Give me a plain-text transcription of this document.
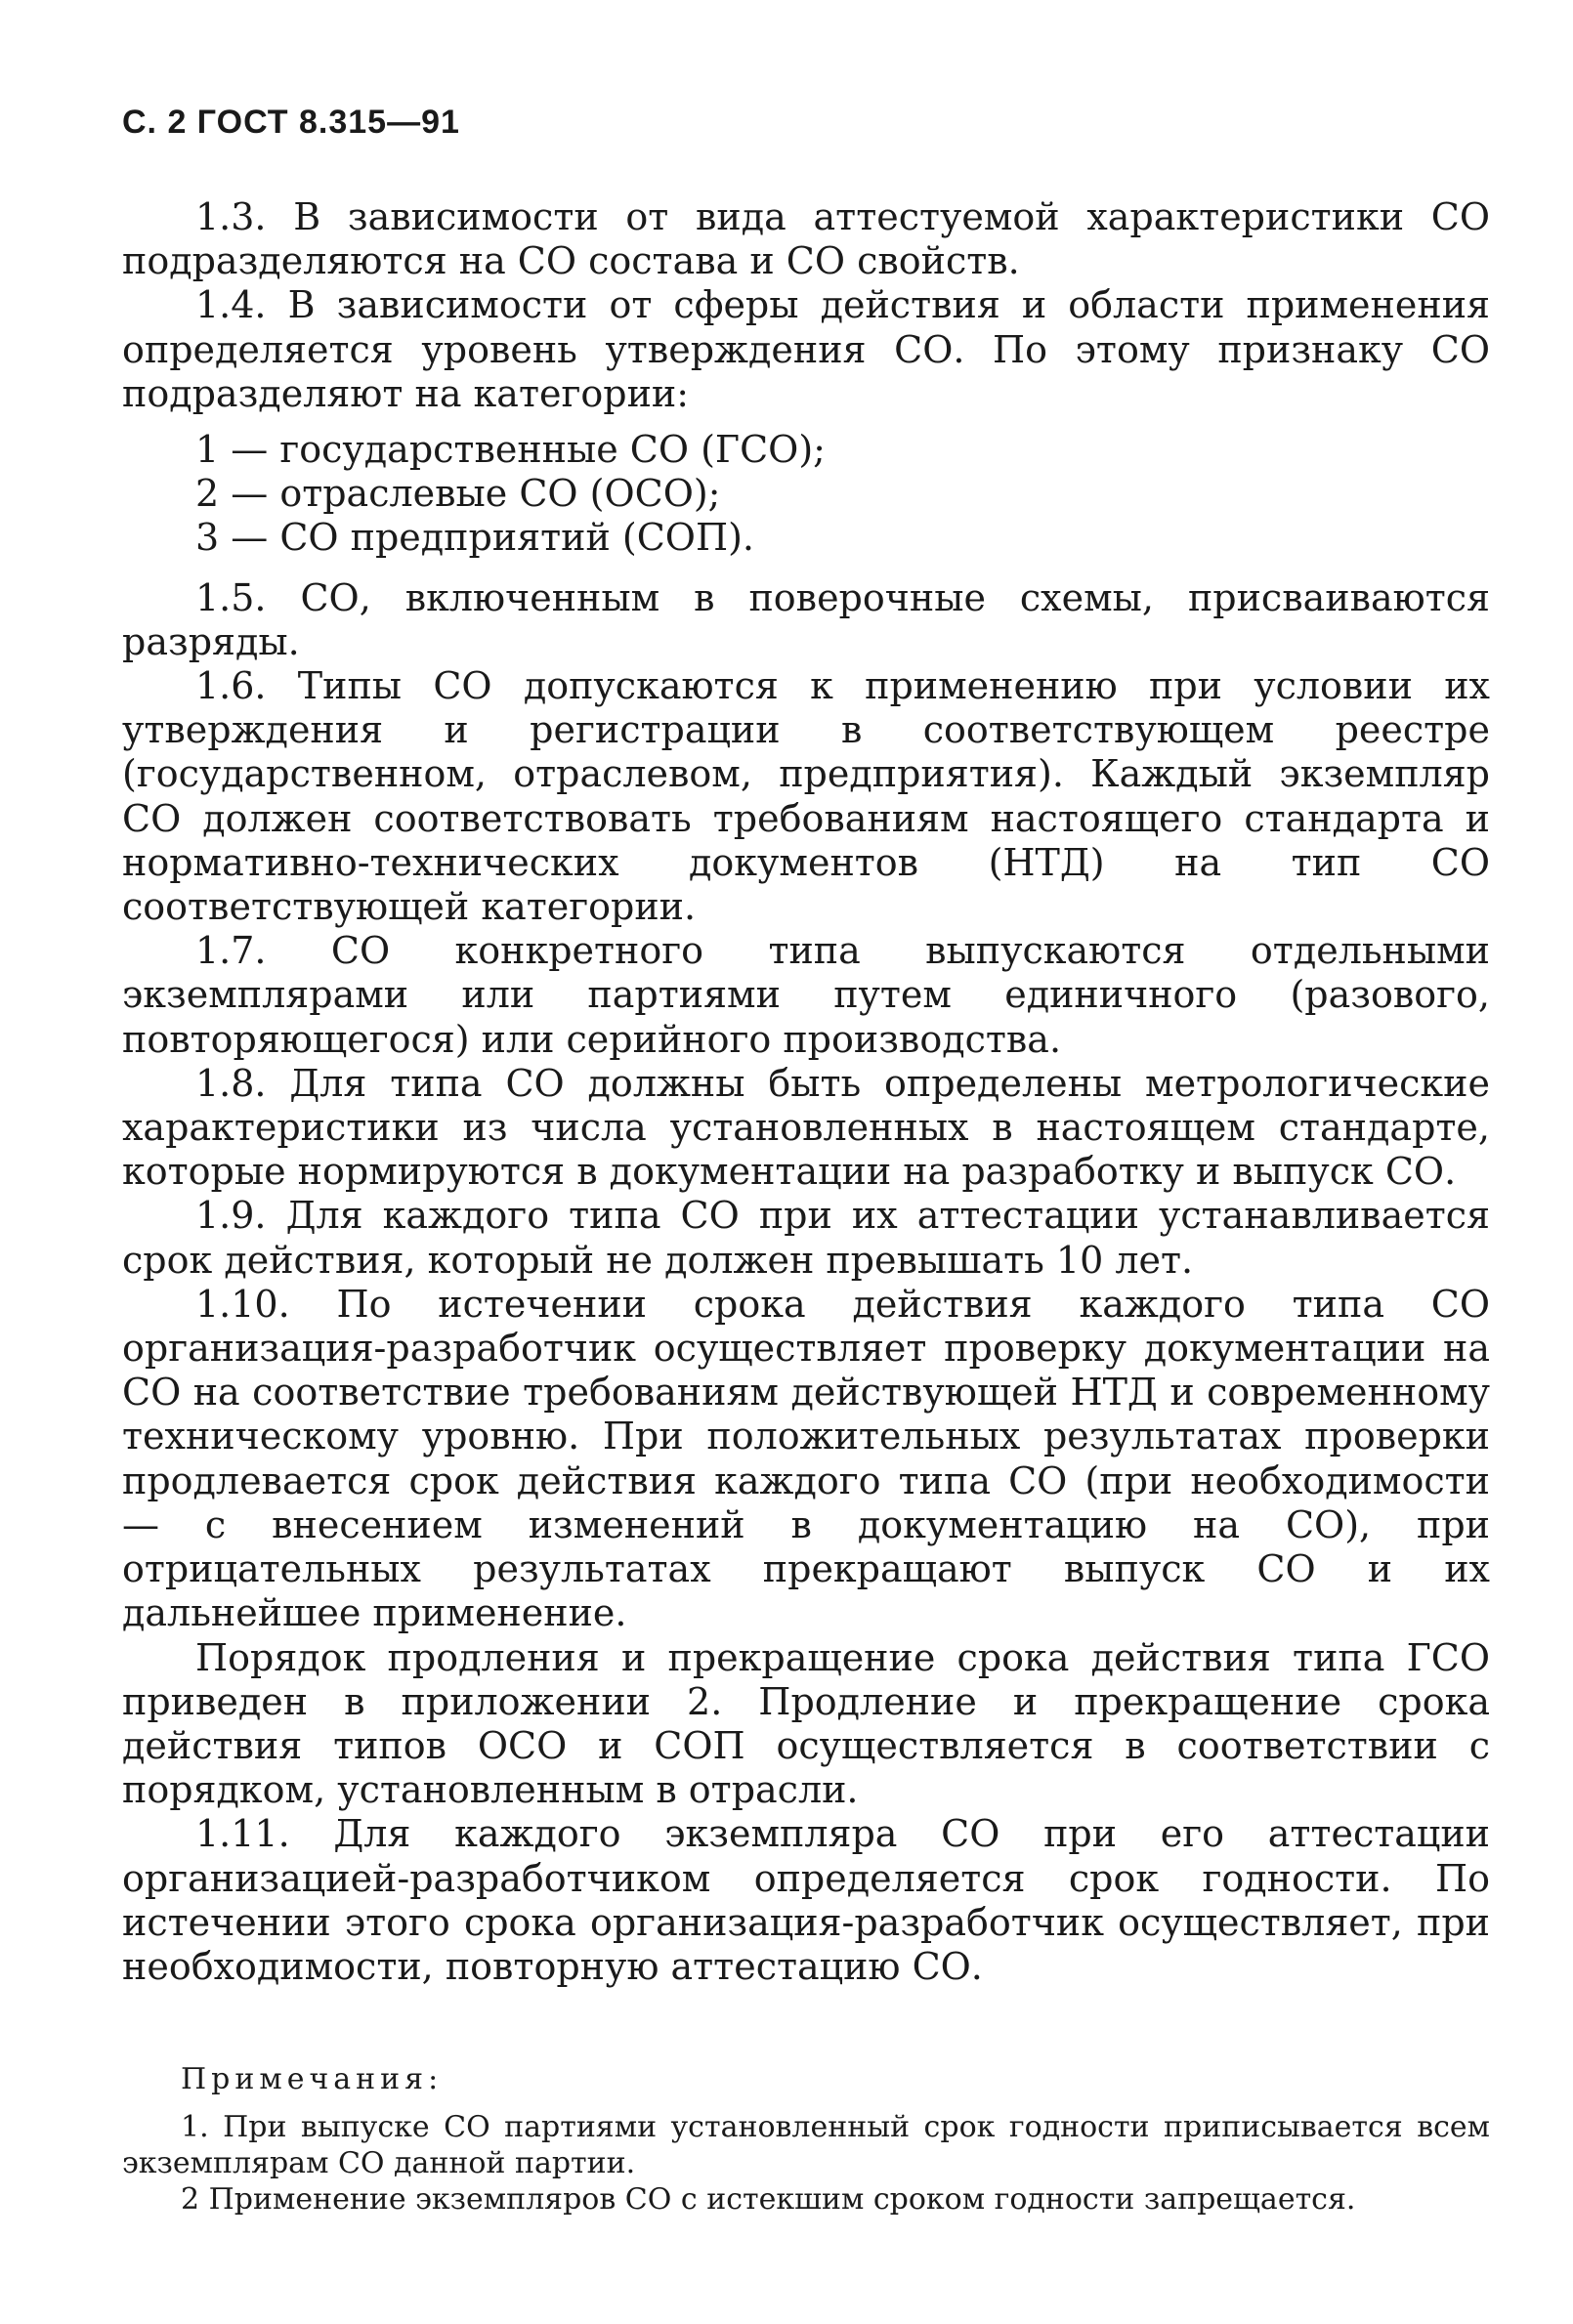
С. 2 ГОСТ 8.315—91

1.3. В зависимости от вида аттестуемой характеристики СО подразделяются на СО состава и СО свойств.

1.4. В зависимости от сферы действия и области применения определяется уровень утверждения СО. По этому признаку СО подразделяют на категории:

1 — государственные СО (ГСО);
2 — отраслевые СО (ОСО);
3 — СО предприятий (СОП).

1.5. СО, включенным в поверочные схемы, присваиваются разряды.

1.6. Типы СО допускаются к применению при условии их утверждения и регистрации в соответствующем реестре (государственном, отраслевом, предприятия). Каждый экземпляр СО должен соответствовать требованиям настоящего стандарта и нормативно-технических документов (НТД) на тип СО соответствующей категории.

1.7. СО конкретного типа выпускаются отдельными экземплярами или партиями путем единичного (разового, повторяющегося) или серийного производства.

1.8. Для типа СО должны быть определены метрологические характеристики из числа установленных в настоящем стандарте, которые нормируются в документации на разработку и выпуск СО.

1.9. Для каждого типа СО при их аттестации устанавливается срок действия, который не должен превышать 10 лет.

1.10. По истечении срока действия каждого типа СО организация-разработчик осуществляет проверку документации на СО на соответствие требованиям действующей НТД и современному техническому уровню. При положительных результатах проверки продлевается срок действия каждого типа СО (при необходимости — с внесением изменений в документацию на СО), при отрицательных результатах прекращают выпуск СО и их дальнейшее применение.

Порядок продления и прекращение срока действия типа ГСО приведен в приложении 2. Продление и прекращение срока действия типов ОСО и СОП осуществляется в соответствии с порядком, установленным в отрасли.

1.11. Для каждого экземпляра СО при его аттестации организацией-разработчиком определяется срок годности. По истечении этого срока организация-разработчик осуществляет, при необходимости, повторную аттестацию СО.

Примечания:

1. При выпуске СО партиями установленный срок годности приписывается всем экземплярам СО данной партии.

2 Применение экземпляров СО с истекшим сроком годности запрещается.
